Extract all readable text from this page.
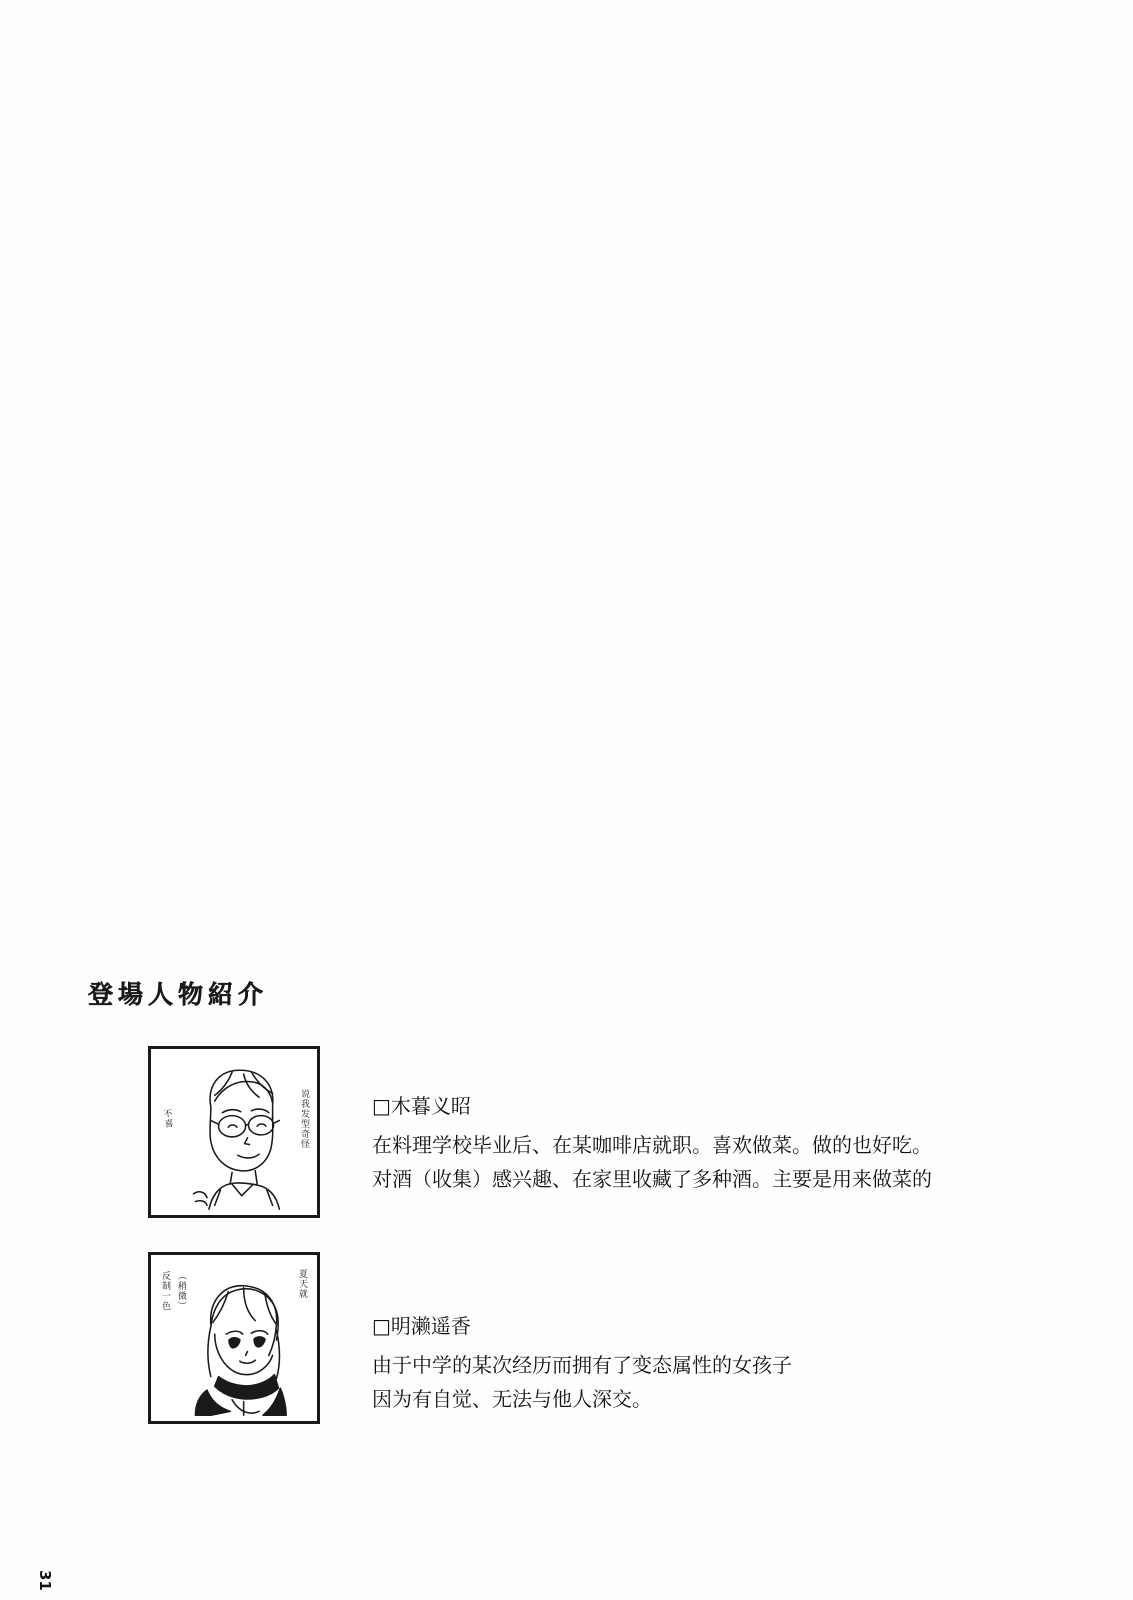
登場人物紹介
说我发型奇怪
不喜
□木暮义昭
在料理学校毕业后、在某咖啡店就职。喜欢做菜。做的也好吃。
对酒（收集）感兴趣、在家里收藏了多种酒。主要是用来做菜的
夏天就
反制一色 （稍微）
□明濑遥香
由于中学的某次经历而拥有了变态属性的女孩子
因为有自觉、无法与他人深交。
31
